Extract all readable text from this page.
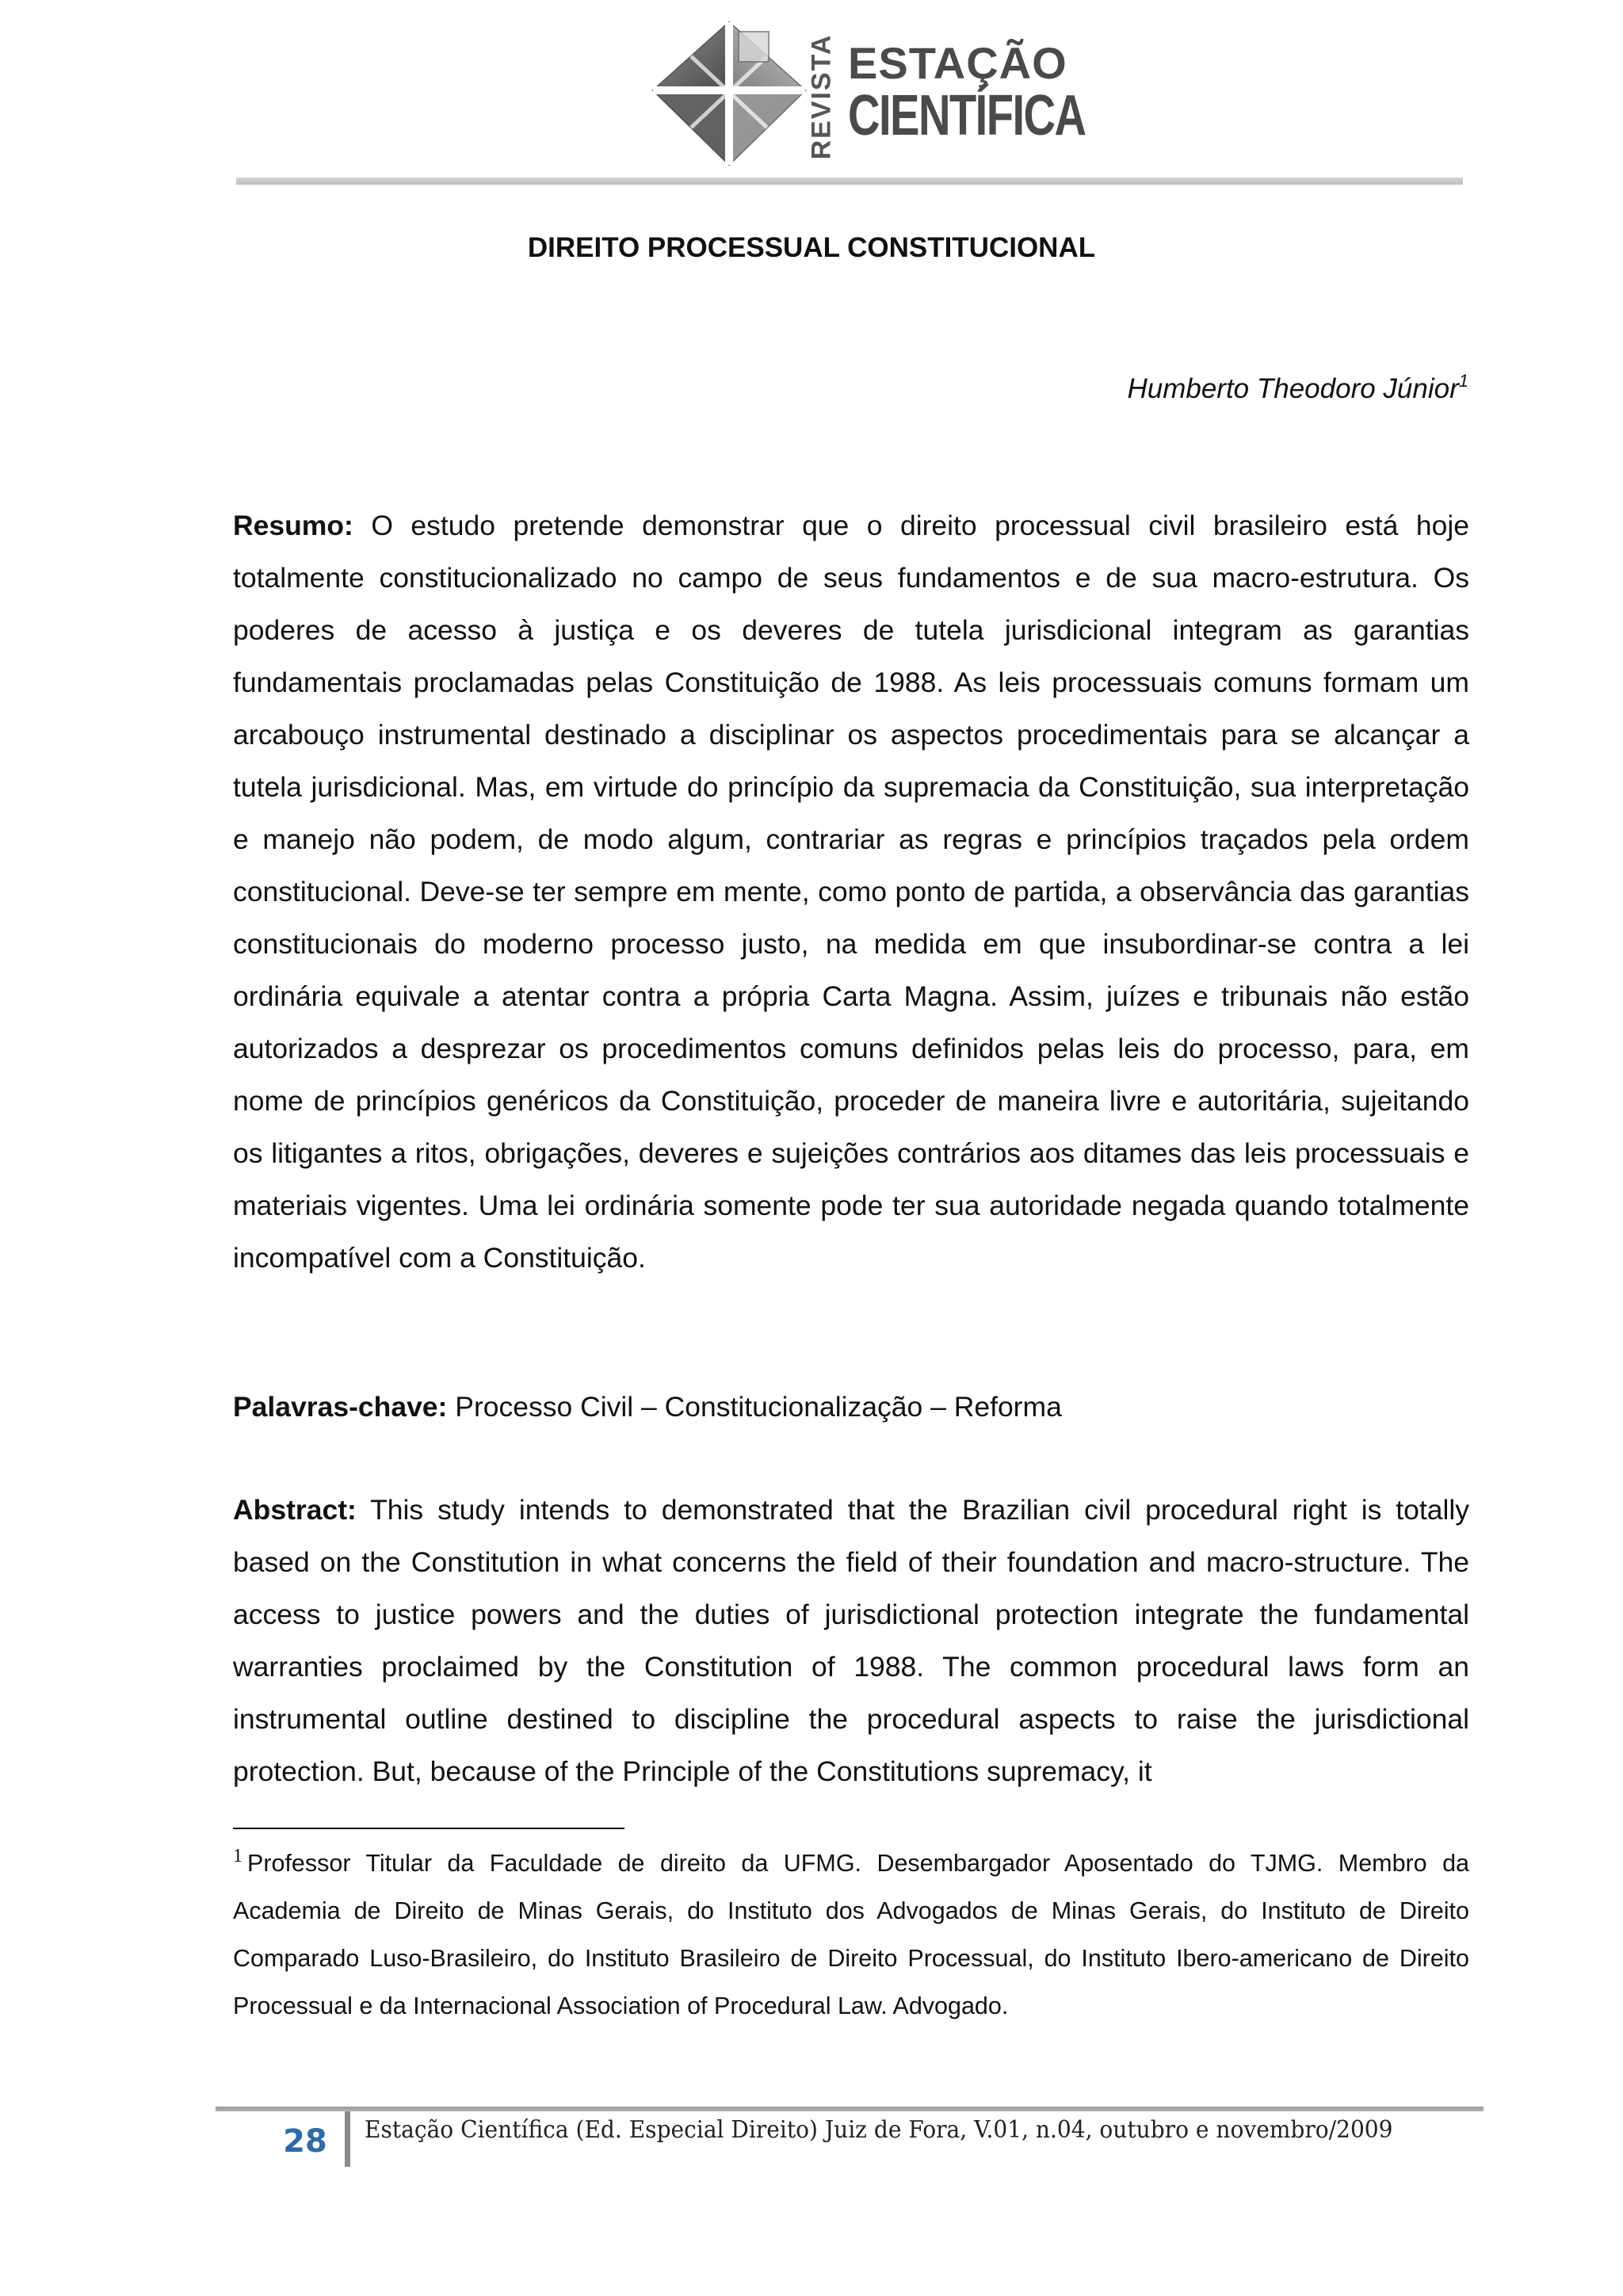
REVISTA ESTAÇÃO
CIENTÍFICA
DIREITO PROCESSUAL CONSTITUCIONAL
Humberto Theodoro Júnior$^1$
Resumo: O estudo pretende demonstrar que o direito processual civil brasileiro está hoje totalmente constitucionalizado no campo de seus fundamentos e de sua macro-estrutura. Os poderes de acesso à justiça e os deveres de tutela jurisdicional integram as garantias fundamentais proclamadas pelas Constituição de 1988. As leis processuais comuns formam um arcabouço instrumental destinado a disciplinar os aspectos procedimentais para se alcançar a tutela jurisdicional. Mas, em virtude do princípio da supremacia da Constituição, sua interpretação e manejo não podem, de modo algum, contrariar as regras e princípios traçados pela ordem constitucional. Deve-se ter sempre em mente, como ponto de partida, a observância das garantias constitucionais do moderno processo justo, na medida em que insubordinar-se contra a lei ordinária equivale a atentar contra a própria Carta Magna. Assim, juízes e tribunais não estão autorizados a desprezar os procedimentos comuns definidos pelas leis do processo, para, em nome de princípios genéricos da Constituição, proceder de maneira livre e autoritária, sujeitando os litigantes a ritos, obrigações, deveres e sujeições contrários aos ditames das leis processuais e materiais vigentes. Uma lei ordinária somente pode ter sua autoridade negada quando totalmente incompatível com a Constituição.
Palavras-chave: Processo Civil – Constitucionalização – Reforma
Abstract: This study intends to demonstrated that the Brazilian civil procedural right is totally based on the Constitution in what concerns the field of their foundation and macro-structure. The access to justice powers and the duties of jurisdictional protection integrate the fundamental warranties proclaimed by the Constitution of 1988. The common procedural laws form an instrumental outline destined to discipline the procedural aspects to raise the jurisdictional protection. But, because of the Principle of the Constitutions supremacy, it
$^1$ Professor Titular da Faculdade de direito da UFMG. Desembargador Aposentado do TJMG. Membro da Academia de Direito de Minas Gerais, do Instituto dos Advogados de Minas Gerais, do Instituto de Direito Comparado Luso-Brasileiro, do Instituto Brasileiro de Direito Processual, do Instituto Ibero-americano de Direito Processual e da Internacional Association of Procedural Law. Advogado.
28	Estação Científica (Ed. Especial Direito) Juiz de Fora, V.01, n.04, outubro e novembro/2009
